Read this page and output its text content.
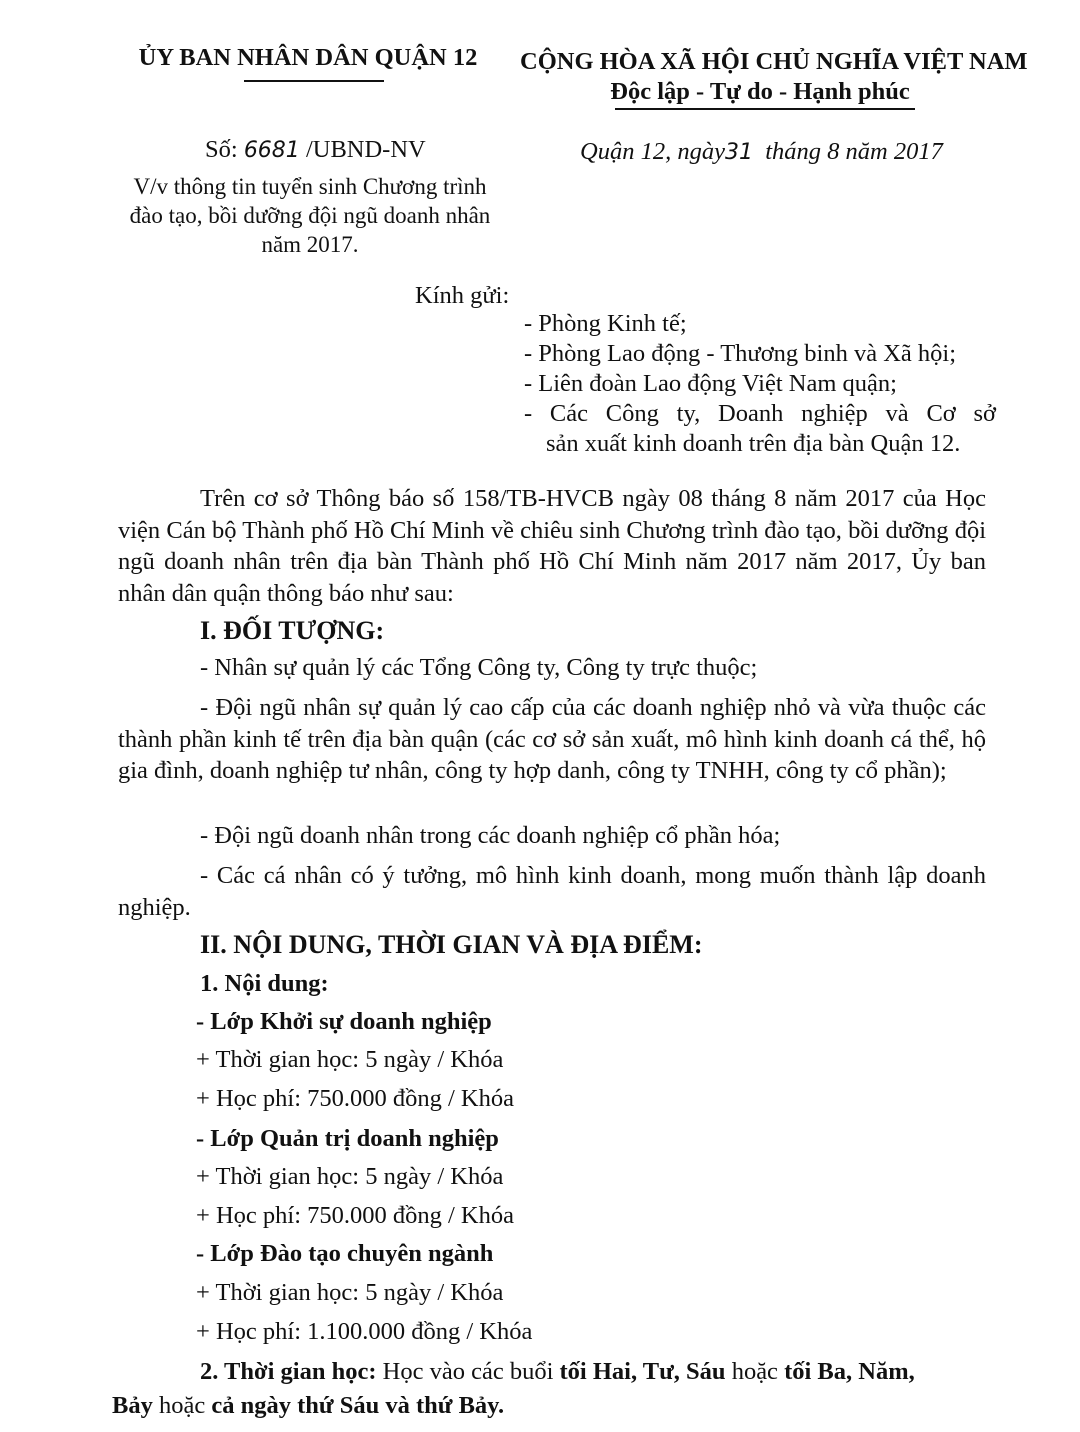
ỦY BAN NHÂN DÂN QUẬN 12	CỘNG HÒA XÃ HỘI CHỦ NGHĨA VIỆT NAM
Độc lập - Tự do - Hạnh phúc
Số: 6681 /UBND-NV	Quận 12, ngày31 tháng 8 năm 2017
V/v thông tin tuyển sinh Chương trình
đào tạo, bồi dưỡng đội ngũ doanh nhân
năm 2017.
Kính gửi:
- Phòng Kinh tế;
- Phòng Lao động - Thương binh và Xã hội;
- Liên đoàn Lao động Việt Nam quận;
- Các Công ty, Doanh nghiệp và Cơ sở
sản xuất kinh doanh trên địa bàn Quận 12.
Trên cơ sở Thông báo số 158/TB-HVCB ngày 08 tháng 8 năm 2017 của Học viện Cán bộ Thành phố Hồ Chí Minh về chiêu sinh Chương trình đào tạo, bồi dưỡng đội ngũ doanh nhân trên địa bàn Thành phố Hồ Chí Minh năm 2017 năm 2017, Ủy ban nhân dân quận thông báo như sau:
I. ĐỐI TƯỢNG:
- Nhân sự quản lý các Tổng Công ty, Công ty trực thuộc;
- Đội ngũ nhân sự quản lý cao cấp của các doanh nghiệp nhỏ và vừa thuộc các thành phần kinh tế trên địa bàn quận (các cơ sở sản xuất, mô hình kinh doanh cá thể, hộ gia đình, doanh nghiệp tư nhân, công ty hợp danh, công ty TNHH, công ty cổ phần);
- Đội ngũ doanh nhân trong các doanh nghiệp cổ phần hóa;
- Các cá nhân có ý tưởng, mô hình kinh doanh, mong muốn thành lập doanh nghiệp.
II. NỘI DUNG, THỜI GIAN VÀ ĐỊA ĐIỂM:
1. Nội dung:
- Lớp Khởi sự doanh nghiệp
+ Thời gian học: 5 ngày / Khóa
+ Học phí: 750.000 đồng / Khóa
- Lớp Quản trị doanh nghiệp
+ Thời gian học: 5 ngày / Khóa
+ Học phí: 750.000 đồng / Khóa
- Lớp Đào tạo chuyên ngành
+ Thời gian học: 5 ngày / Khóa
+ Học phí: 1.100.000 đồng / Khóa
2. Thời gian học: Học vào các buổi tối Hai, Tư, Sáu hoặc tối Ba, Năm,
Bảy hoặc cả ngày thứ Sáu và thứ Bảy.
